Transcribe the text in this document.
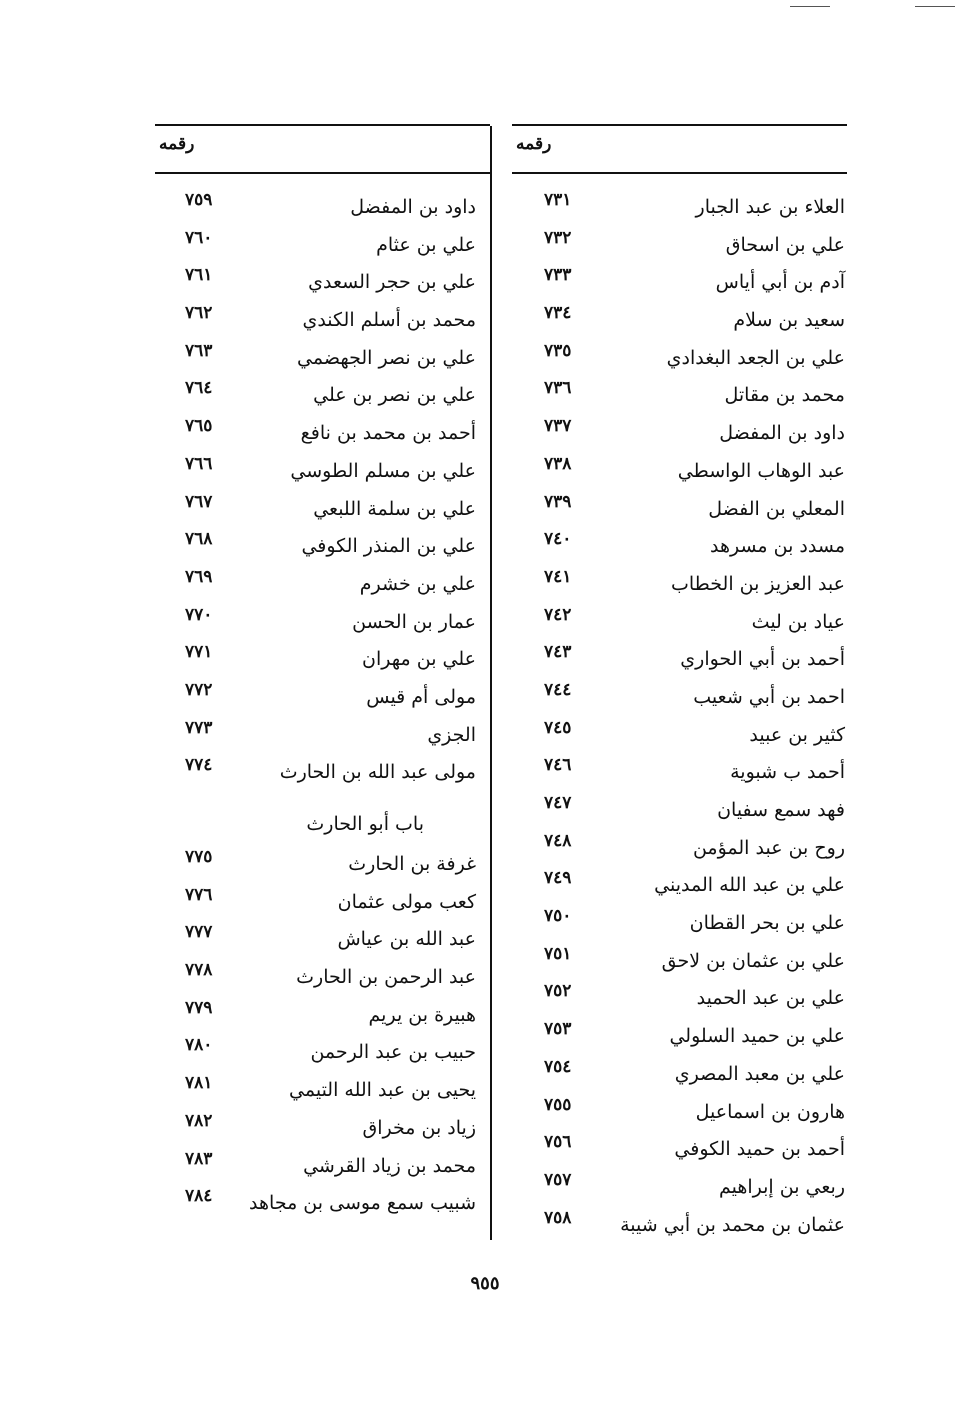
رقمه
العلاء بن عبد الجبار
٧٣١
علي بن اسحاق
٧٣٢
آدم بن أبي أياس
٧٣٣
سعيد بن سلام
٧٣٤
علي بن الجعد البغدادي
٧٣٥
محمد بن مقاتل
٧٣٦
داود بن المفضل
٧٣٧
عبد الوهاب الواسطي
٧٣٨
المعلي بن الفضل
٧٣٩
مسدد بن مسرهد
٧٤٠
عبد العزيز بن الخطاب
٧٤١
عياد بن ليث
٧٤٢
أحمد بن أبي الحواري
٧٤٣
احمد بن أبي شعيب
٧٤٤
كثير بن عبيد
٧٤٥
أحمد ب شبوية
٧٤٦
فهد سمع سفيان
٧٤٧
روح بن عبد المؤمن
٧٤٨
علي بن عبد الله المديني
٧٤٩
علي بن بحر القطان
٧٥٠
علي بن عثمان بن لاحق
٧٥١
علي بن عبد الحميد
٧٥٢
علي بن حميد السلولي
٧٥٣
علي بن معبد المصري
٧٥٤
هارون بن اسماعيل
٧٥٥
أحمد بن حميد الكوفي
٧٥٦
ربعي بن إبراهيم
٧٥٧
عثمان بن محمد بن أبي شيبة
٧٥٨
رقمه
داود بن المفضل
٧٥٩
علي بن عثام
٧٦٠
علي بن حجر السعدي
٧٦١
محمد بن أسلم الكندي
٧٦٢
علي بن نصر الجهضمي
٧٦٣
علي بن نصر بن علي
٧٦٤
أحمد بن محمد بن نافع
٧٦٥
علي بن مسلم الطوسي
٧٦٦
علي بن سلمة اللبعي
٧٦٧
علي بن المنذر الكوفي
٧٦٨
علي بن خشرم
٧٦٩
عمار بن الحسن
٧٧٠
علي بن مهران
٧٧١
مولى أم قيس
٧٧٢
الجزي
٧٧٣
مولى عبد الله بن الحارث
٧٧٤
باب أبو الحارث
غرفة بن الحارث
٧٧٥
كعب مولى عثمان
٧٧٦
عبد الله بن عياش
٧٧٧
عبد الرحمن بن الحارث
٧٧٨
هبيرة بن يريم
٧٧٩
حبيب بن عبد الرحمن
٧٨٠
يحيى بن عبد الله التيمي
٧٨١
زياد بن مخراق
٧٨٢
محمد بن زياد القرشي
٧٨٣
شبيب سمع موسى بن مجاهد
٧٨٤
٩٥٥
